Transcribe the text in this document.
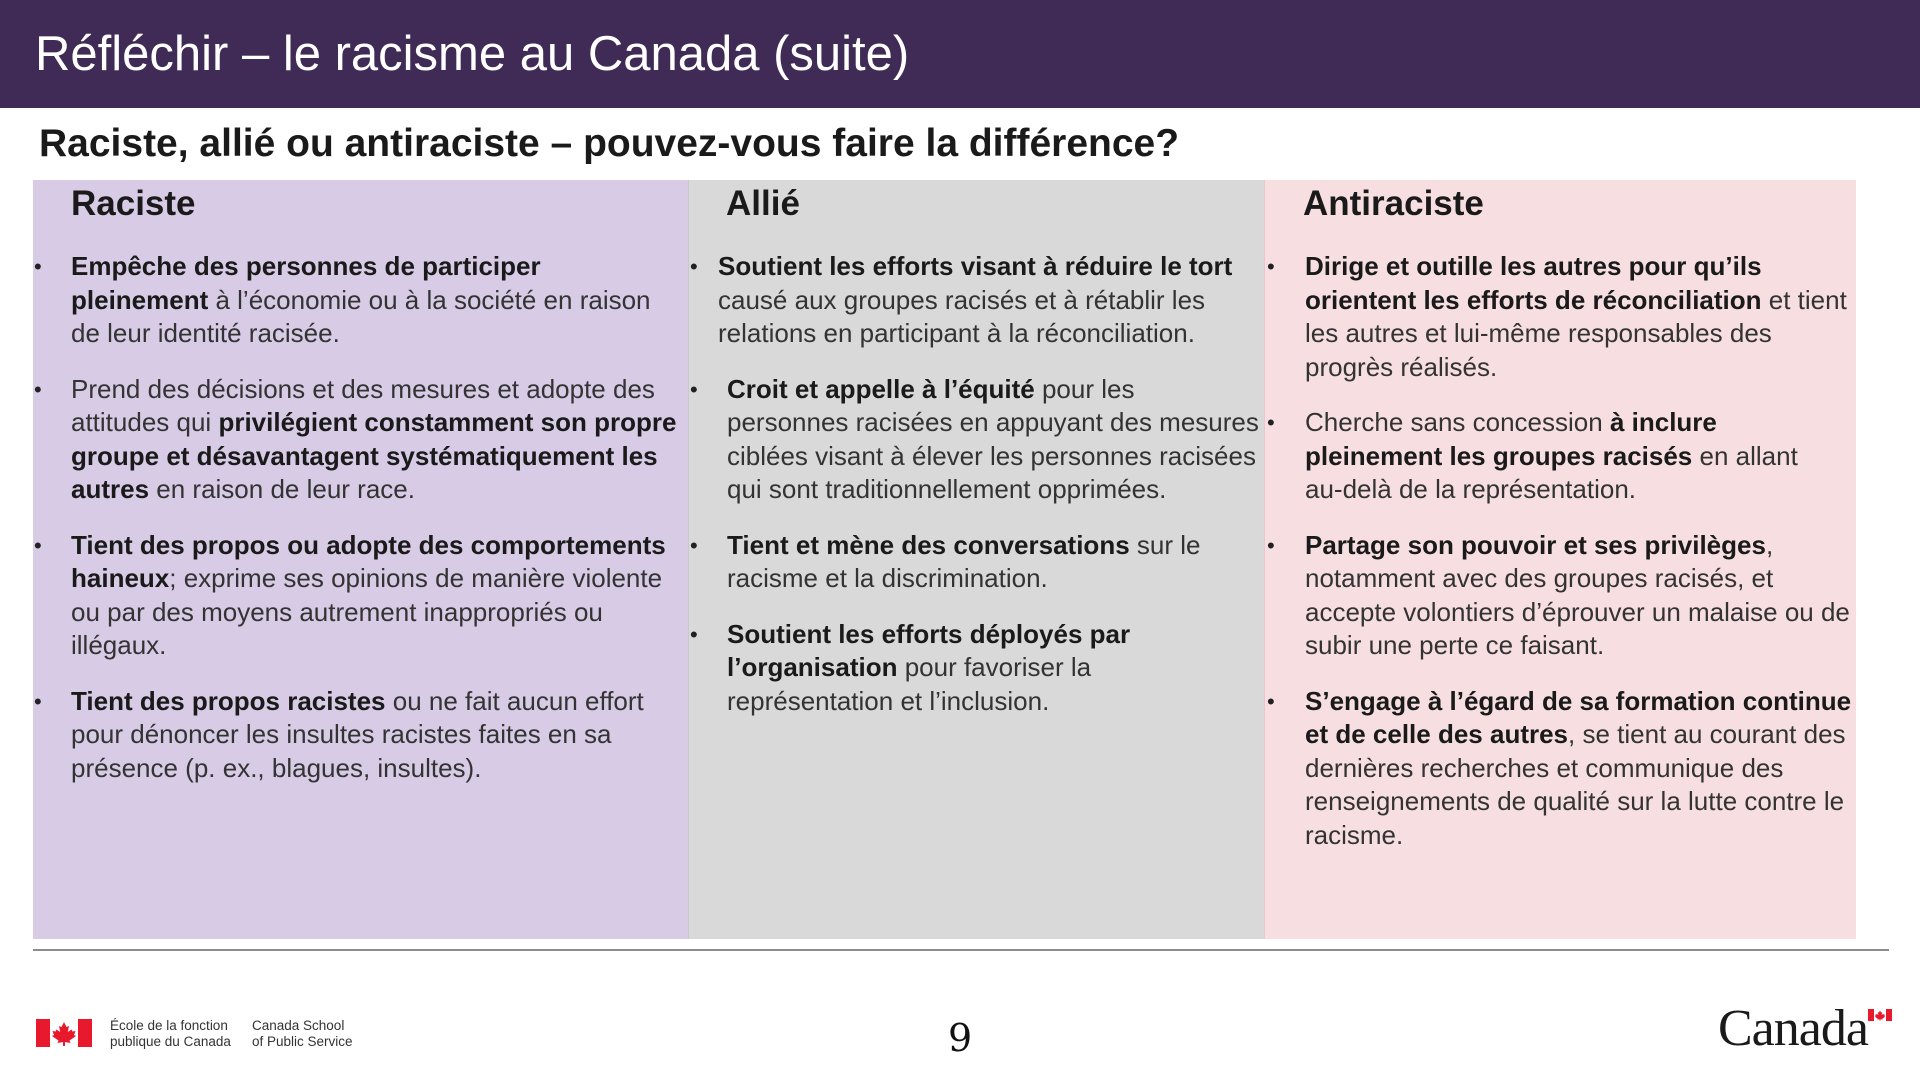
Réfléchir – le racisme au Canada (suite)
Raciste, allié ou antiraciste – pouvez-vous faire la différence?
Raciste
• Empêche des personnes de participer pleinement à l’économie ou à la société en raison de leur identité racisée.
• Prend des décisions et des mesures et adopte des attitudes qui privilégient constamment son propre groupe et désavantagent systématiquement les autres en raison de leur race.
• Tient des propos ou adopte des comportements haineux; exprime ses opinions de manière violente ou par des moyens autrement inappropriés ou illégaux.
• Tient des propos racistes ou ne fait aucun effort pour dénoncer les insultes racistes faites en sa présence (p. ex., blagues, insultes).
Allié
• Soutient les efforts visant à réduire le tort causé aux groupes racisés et à rétablir les relations en participant à la réconciliation.
• Croit et appelle à l’équité pour les personnes racisées en appuyant des mesures ciblées visant à élever les personnes racisées qui sont traditionnellement opprimées.
• Tient et mène des conversations sur le racisme et la discrimination.
• Soutient les efforts déployés par l’organisation pour favoriser la représentation et l’inclusion.
Antiraciste
• Dirige et outille les autres pour qu’ils orientent les efforts de réconciliation et tient les autres et lui-même responsables des progrès réalisés.
• Cherche sans concession à inclure pleinement les groupes racisés en allant au‑delà de la représentation.
• Partage son pouvoir et ses privilèges, notamment avec des groupes racisés, et accepte volontiers d’éprouver un malaise ou de subir une perte ce faisant.
• S’engage à l’égard de sa formation continue et de celle des autres, se tient au courant des dernières recherches et communique des renseignements de qualité sur la lutte contre le racisme.
École de la fonction
publique du Canada
Canada School
of Public Service	9	Canada
